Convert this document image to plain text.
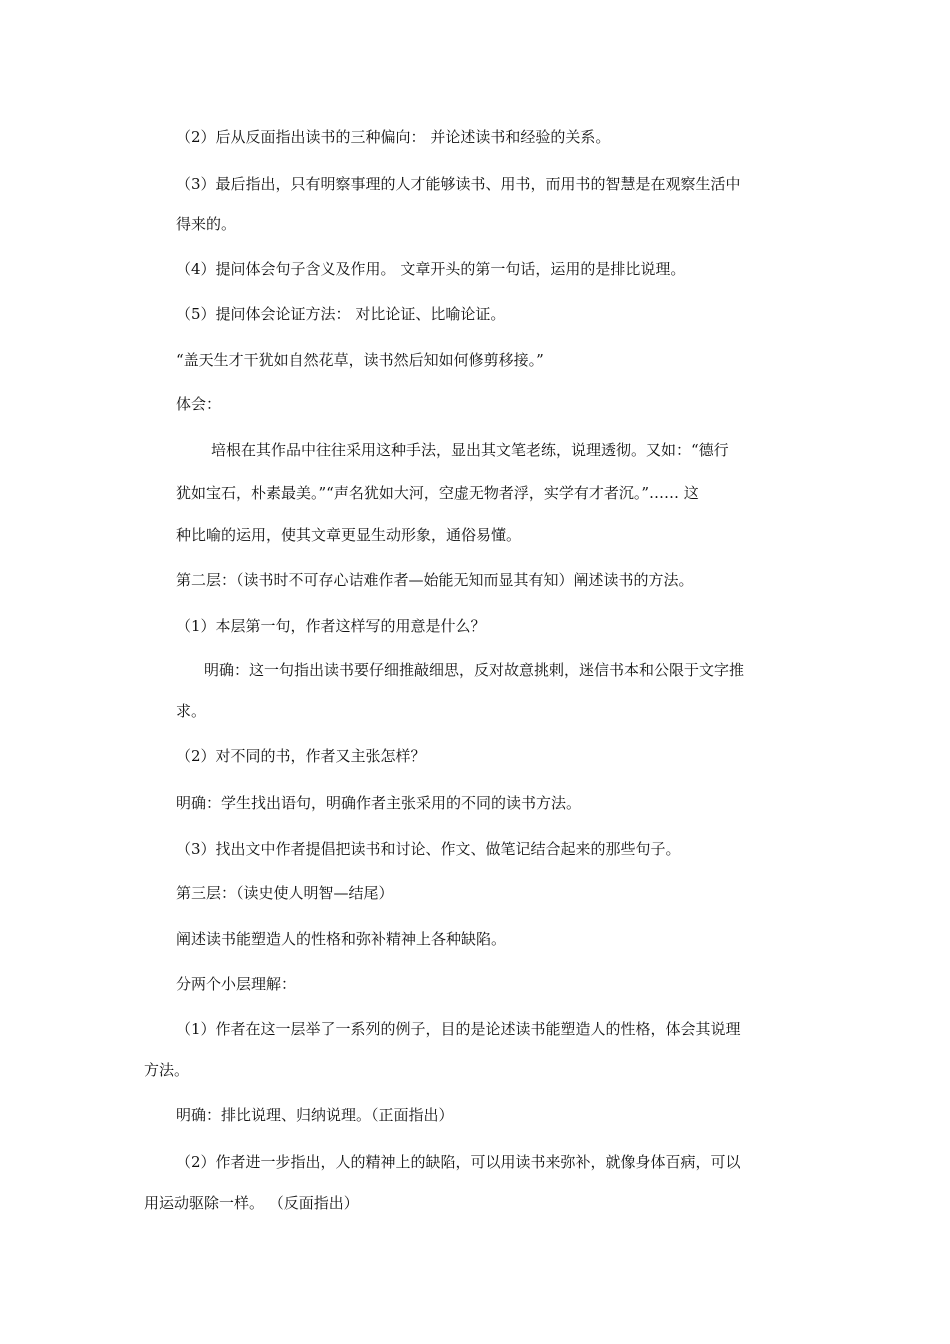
（2）后从反面指出读书的三种偏向： 并论述读书和经验的关系。
（3）最后指出，只有明察事理的人才能够读书、用书，而用书的智慧是在观察生活中
得来的。
（4）提问体会句子含义及作用。 文章开头的第一句话，运用的是排比说理。
（5）提问体会论证方法： 对比论证、比喻论证。
“盖天生才干犹如自然花草，读书然后知如何修剪移接。”
体会：
培根在其作品中往往采用这种手法，显出其文笔老练，说理透彻。又如：“德行
犹如宝石，朴素最美。”“声名犹如大河，空虚无物者浮，实学有才者沉。”…… 这
种比喻的运用，使其文章更显生动形象，通俗易懂。
第二层：（读书时不可存心诘难作者—始能无知而显其有知）阐述读书的方法。
（1）本层第一句，作者这样写的用意是什么？
明确：这一句指出读书要仔细推敲细思，反对故意挑剌，迷信书本和公限于文字推
求。
（2）对不同的书，作者又主张怎样？
明确：学生找出语句，明确作者主张采用的不同的读书方法。
（3）找出文中作者提倡把读书和讨论、作文、做笔记结合起来的那些句子。
第三层：（读史使人明智—结尾）
阐述读书能塑造人的性格和弥补精神上各种缺陷。
分两个小层理解：
（1）作者在这一层举了一系列的例子，目的是论述读书能塑造人的性格，体会其说理
方法。
明确：排比说理、归纳说理。（正面指出）
（2）作者进一步指出，人的精神上的缺陷，可以用读书来弥补，就像身体百病，可以
用运动驱除一样。 （反面指出）
